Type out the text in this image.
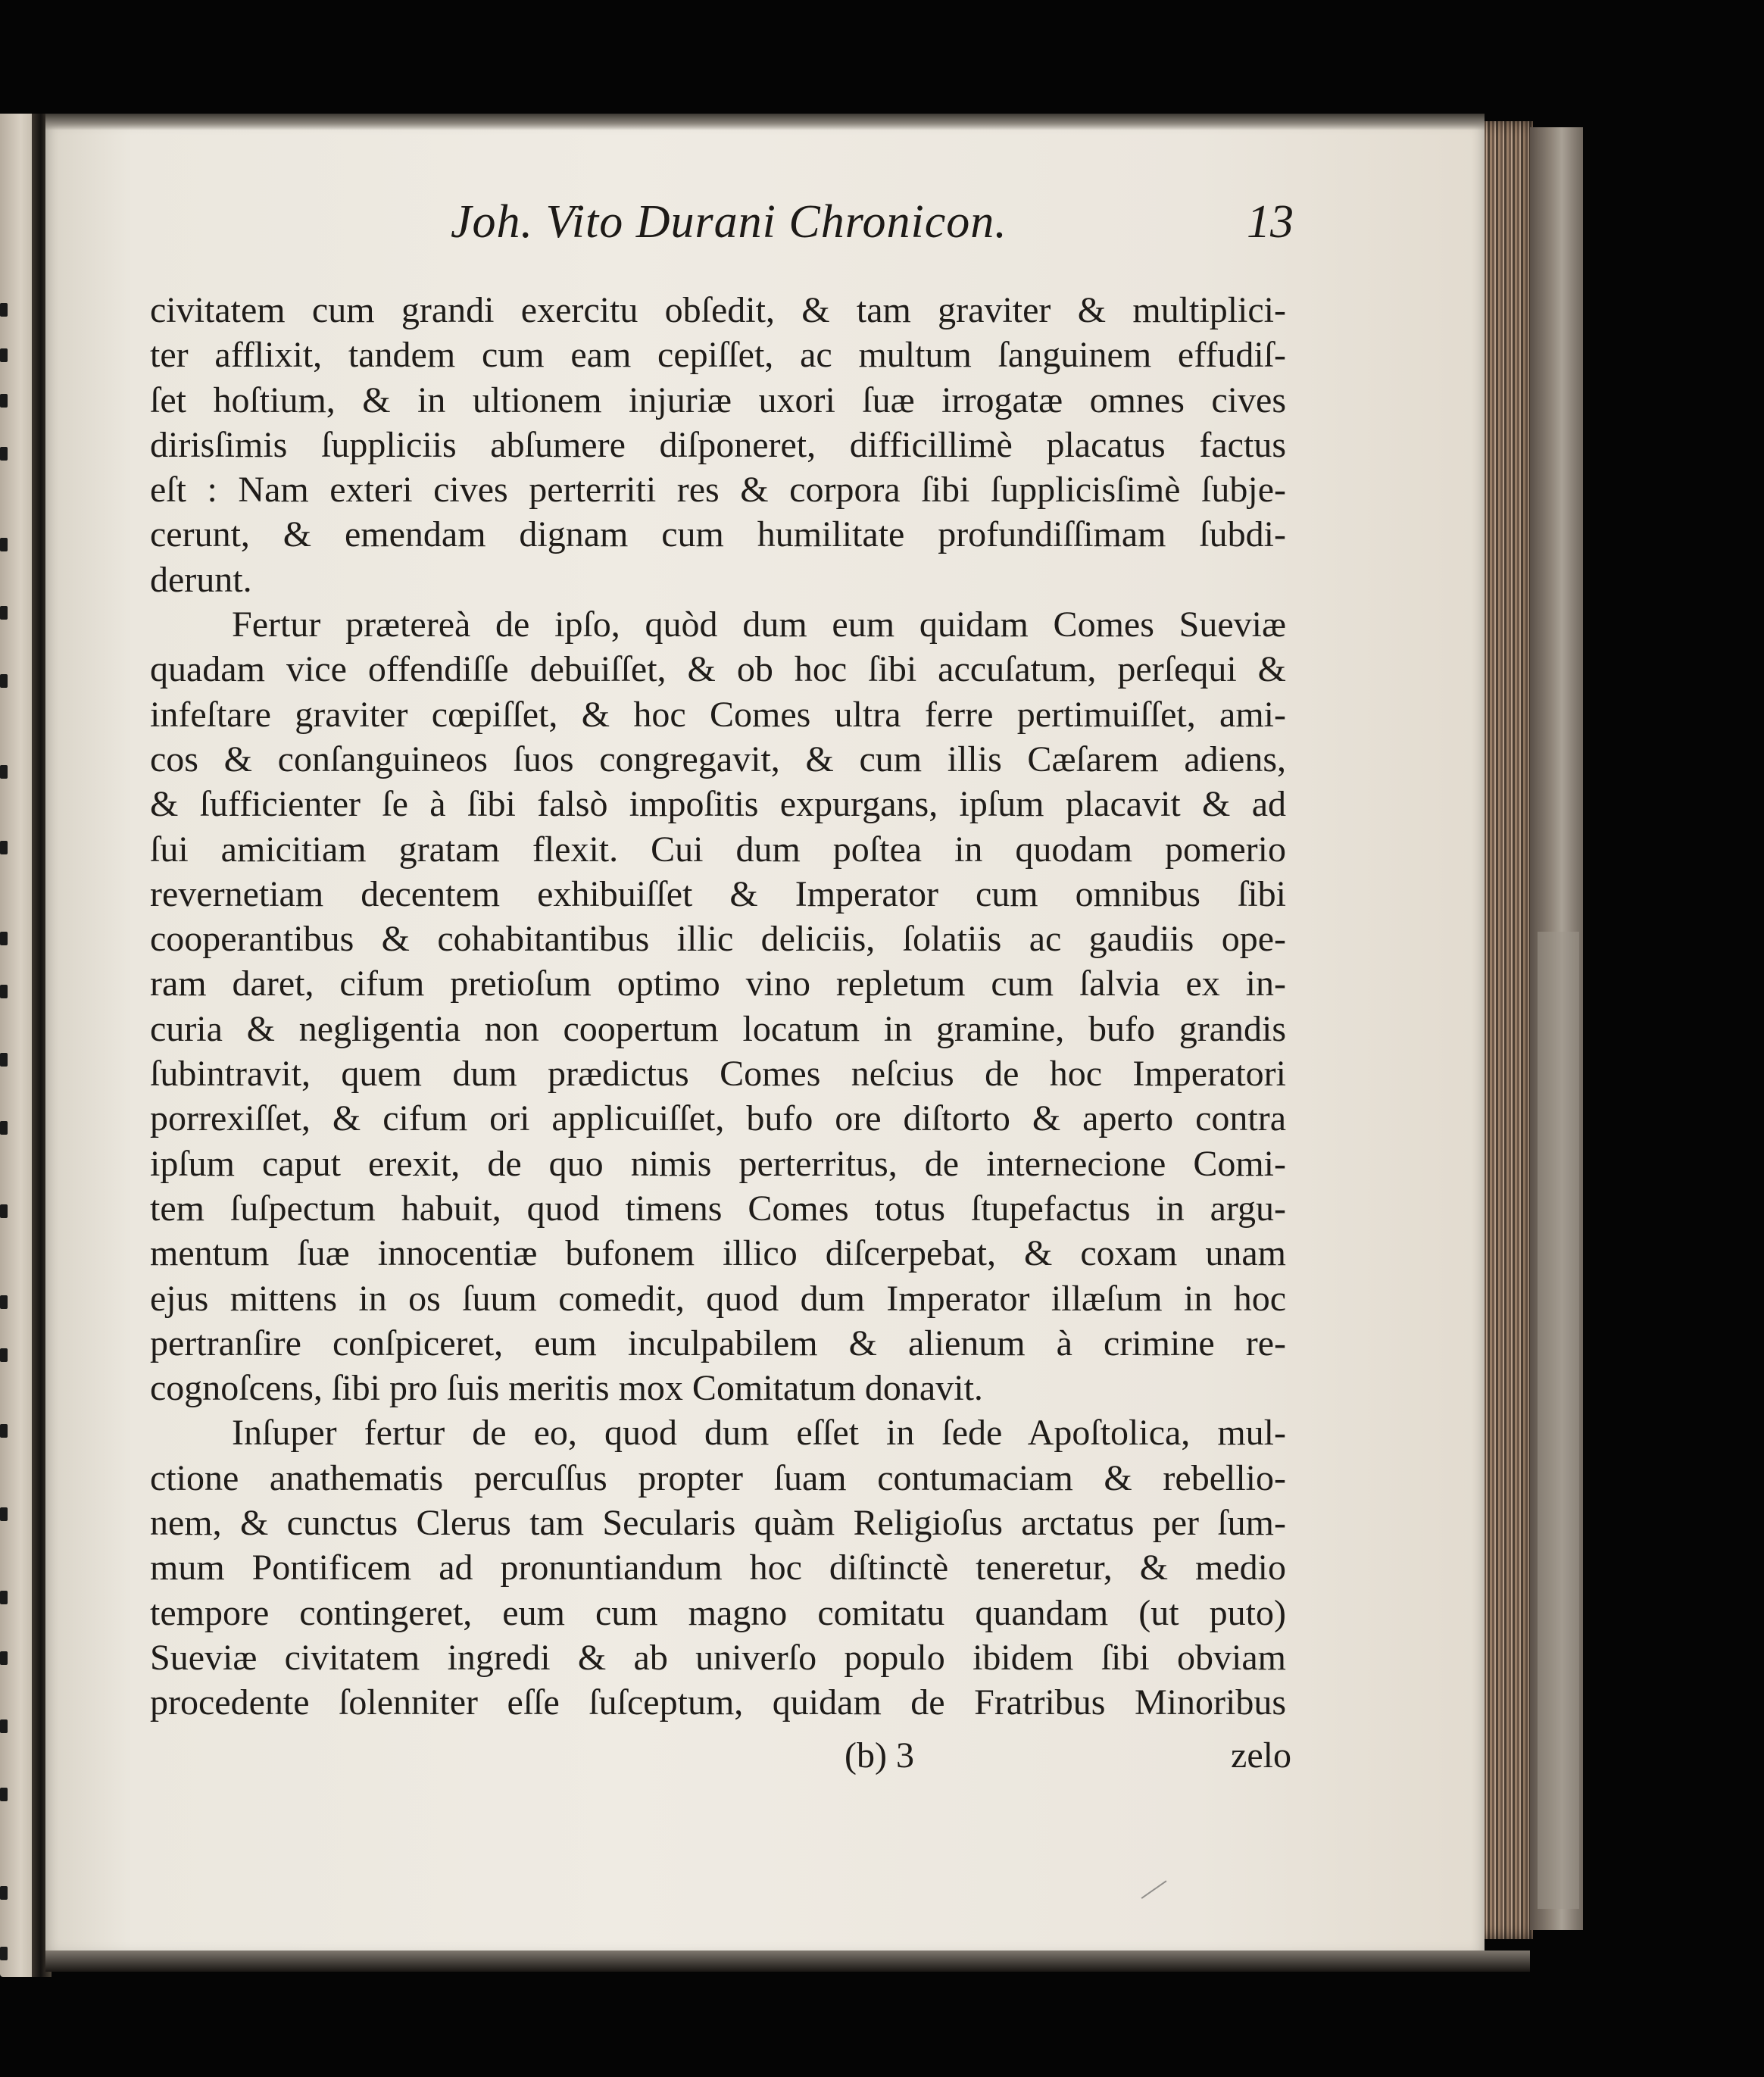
Joh. Vito Durani Chronicon.	13
civitatem cum grandi exercitu obſedit, & tam graviter & multiplici-
ter afflixit, tandem cum eam cepiſſet, ac multum ſanguinem effudiſ-
ſet hoſtium, & in ultionem injuriæ uxori ſuæ irrogatæ omnes cives
dirisſimis ſuppliciis abſumere diſponeret, difficillimè placatus factus
eſt : Nam exteri cives perterriti res & corpora ſibi ſupplicisſimè ſubje-
cerunt, & emendam dignam cum humilitate profundiſſimam ſubdi-
derunt.
Fertur prætereà de ipſo, quòd dum eum quidam Comes Sueviæ
quadam vice offendiſſe debuiſſet, & ob hoc ſibi accuſatum, perſequi &
infeſtare graviter cœpiſſet, & hoc Comes ultra ferre pertimuiſſet, ami-
cos & conſanguineos ſuos congregavit, & cum illis Cæſarem adiens,
& ſufficienter ſe à ſibi falsò impoſitis expurgans, ipſum placavit & ad
ſui amicitiam gratam flexit. Cui dum poſtea in quodam pomerio
revernetiam decentem exhibuiſſet & Imperator cum omnibus ſibi
cooperantibus & cohabitantibus illic deliciis, ſolatiis ac gaudiis ope-
ram daret, cifum pretioſum optimo vino repletum cum ſalvia ex in-
curia & negligentia non coopertum locatum in gramine, bufo grandis
ſubintravit, quem dum prædictus Comes neſcius de hoc Imperatori
porrexiſſet, & cifum ori applicuiſſet, bufo ore diſtorto & aperto contra
ipſum caput erexit, de quo nimis perterritus, de internecione Comi-
tem ſuſpectum habuit, quod timens Comes totus ſtupefactus in argu-
mentum ſuæ innocentiæ bufonem illico diſcerpebat, & coxam unam
ejus mittens in os ſuum comedit, quod dum Imperator illæſum in hoc
pertranſire conſpiceret, eum inculpabilem & alienum à crimine re-
cognoſcens, ſibi pro ſuis meritis mox Comitatum donavit.
Inſuper fertur de eo, quod dum eſſet in ſede Apoſtolica, mul-
ctione anathematis percuſſus propter ſuam contumaciam & rebellio-
nem, & cunctus Clerus tam Secularis quàm Religioſus arctatus per ſum-
mum Pontificem ad pronuntiandum hoc diſtinctè teneretur, & medio
tempore contingeret, eum cum magno comitatu quandam (ut puto)
Sueviæ civitatem ingredi & ab univerſo populo ibidem ſibi obviam
procedente ſolenniter eſſe ſuſceptum, quidam de Fratribus Minoribus
(b) 3	zelo
